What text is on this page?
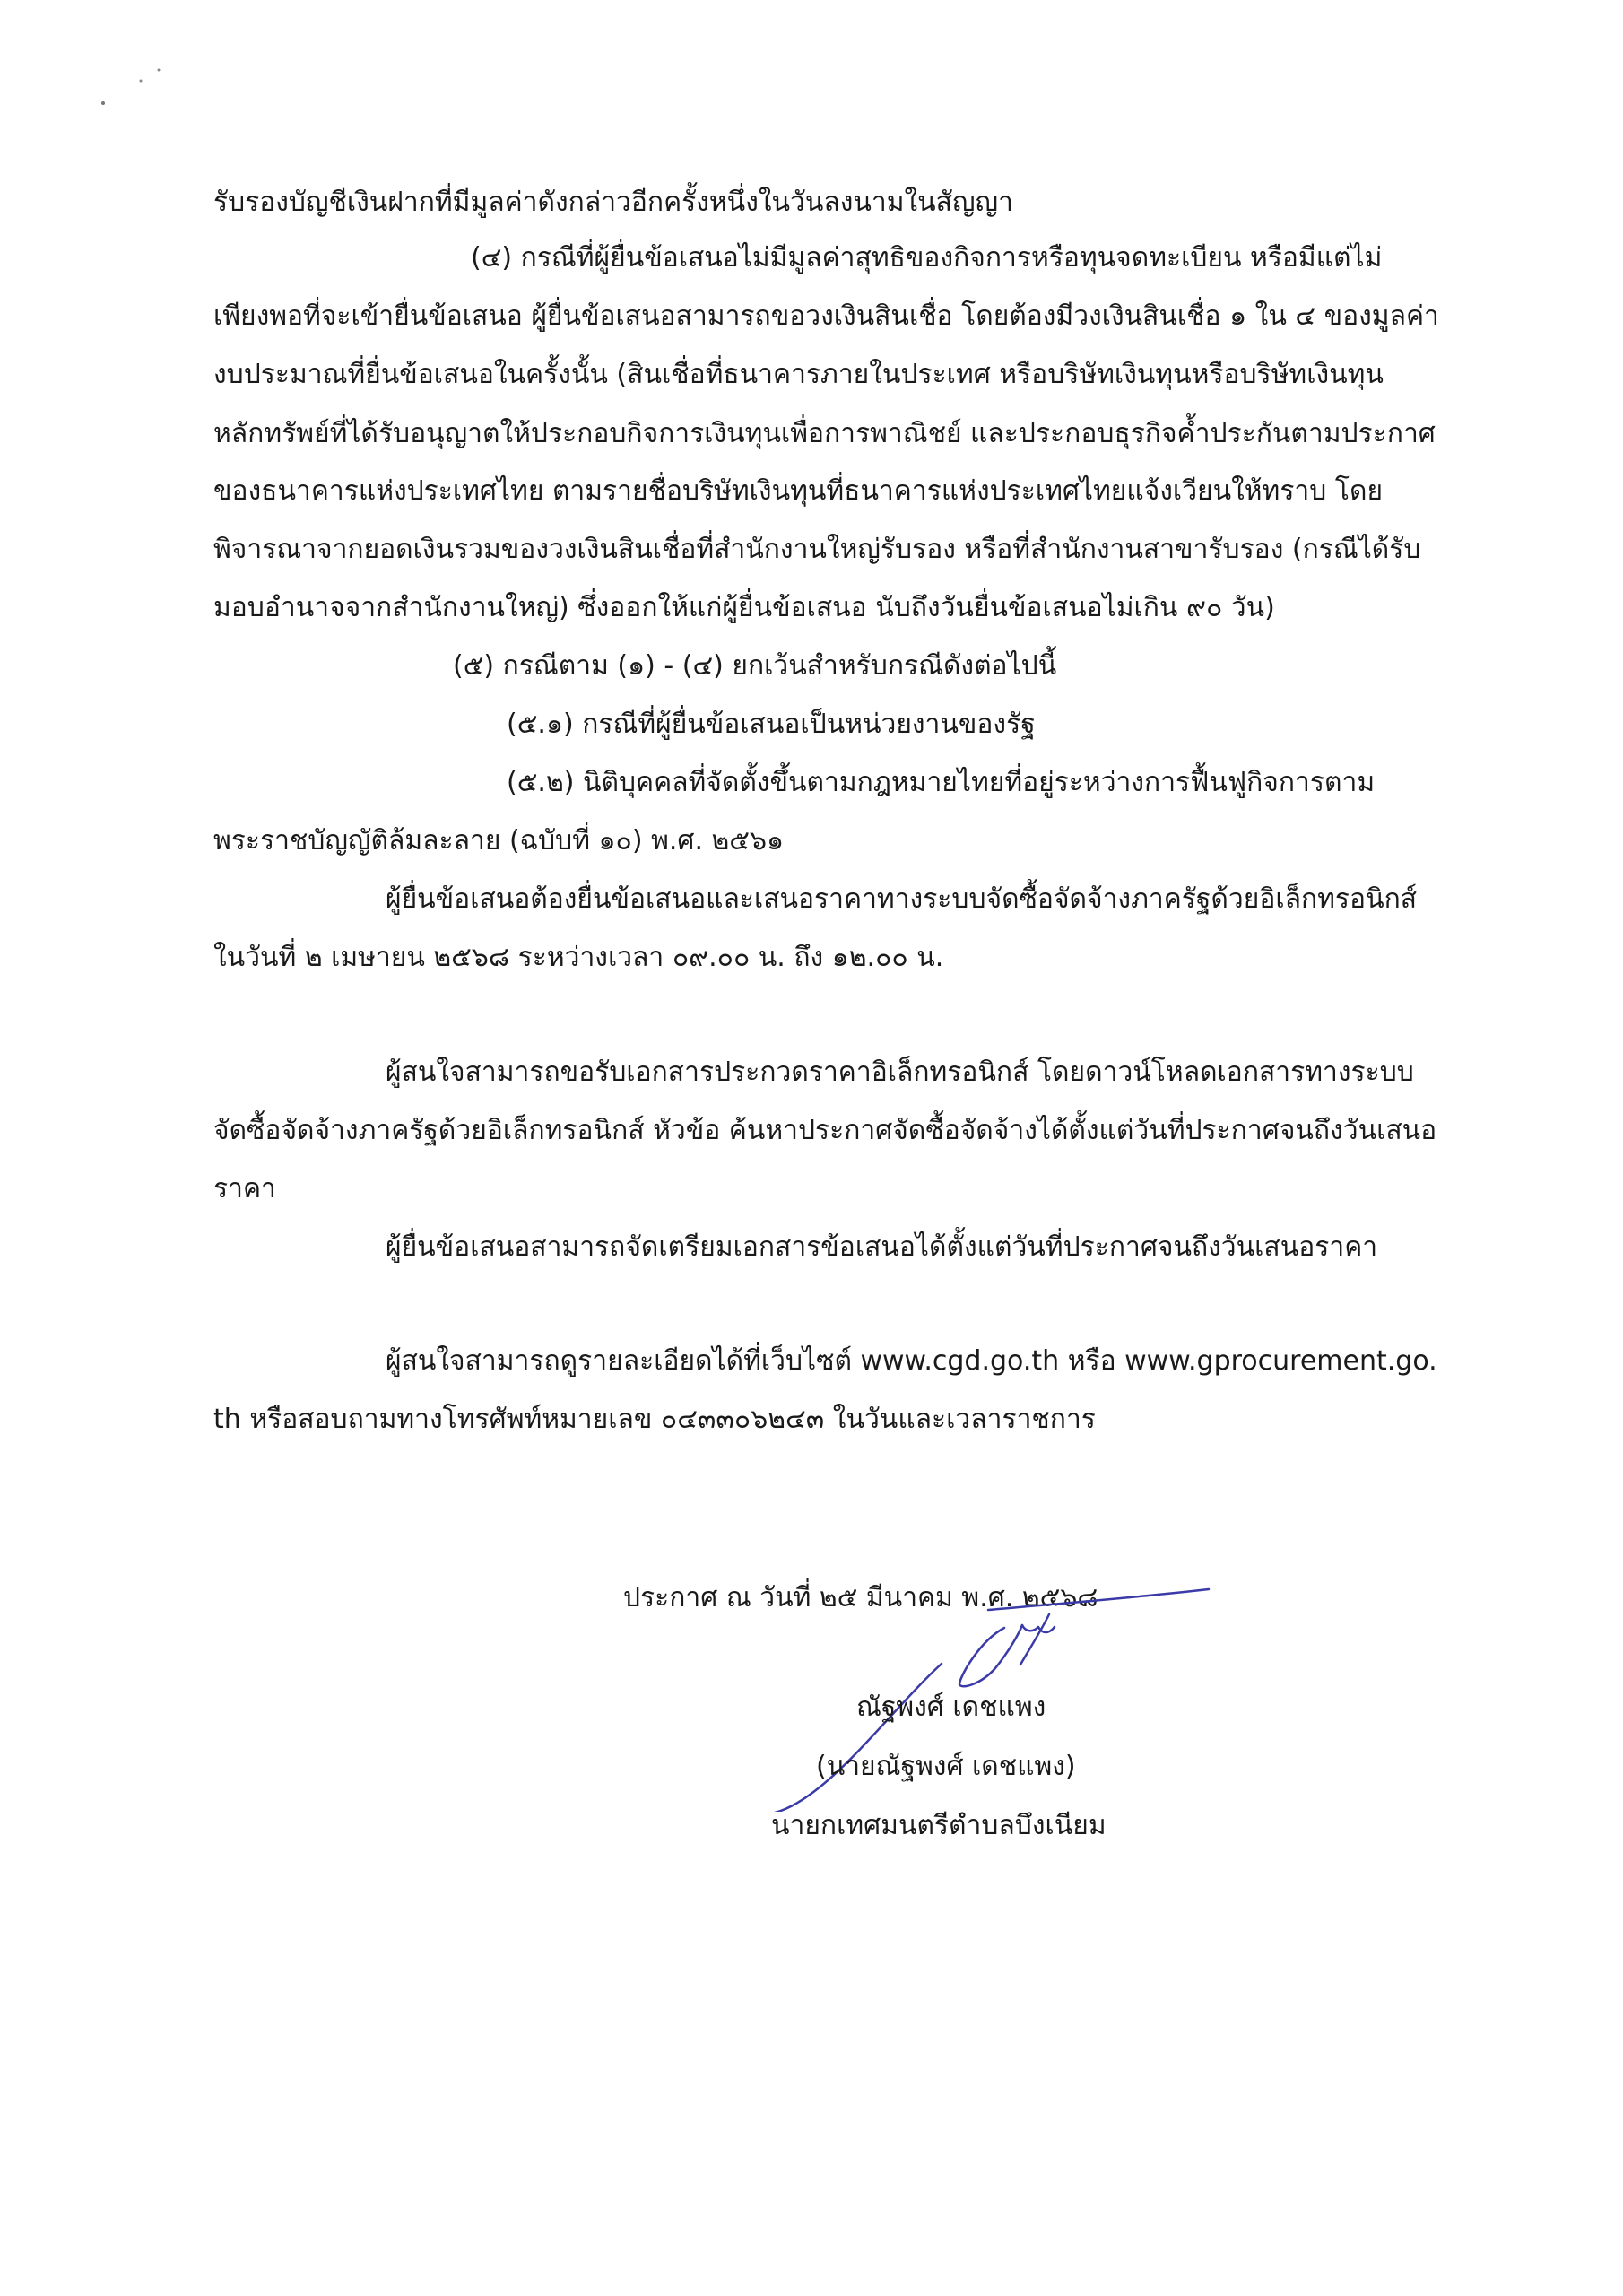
รับรองบัญชีเงินฝากที่มีมูลค่าดังกล่าวอีกครั้งหนึ่งในวันลงนามในสัญญา
(๔) กรณีที่ผู้ยื่นข้อเสนอไม่มีมูลค่าสุทธิของกิจการหรือทุนจดทะเบียน หรือมีแต่ไม่
เพียงพอที่จะเข้ายื่นข้อเสนอ ผู้ยื่นข้อเสนอสามารถขอวงเงินสินเชื่อ โดยต้องมีวงเงินสินเชื่อ ๑ ใน ๔ ของมูลค่า
งบประมาณที่ยื่นข้อเสนอในครั้งนั้น (สินเชื่อที่ธนาคารภายในประเทศ หรือบริษัทเงินทุนหรือบริษัทเงินทุน
หลักทรัพย์ที่ได้รับอนุญาตให้ประกอบกิจการเงินทุนเพื่อการพาณิชย์ และประกอบธุรกิจค้ำประกันตามประกาศ
ของธนาคารแห่งประเทศไทย ตามรายชื่อบริษัทเงินทุนที่ธนาคารแห่งประเทศไทยแจ้งเวียนให้ทราบ โดย
พิจารณาจากยอดเงินรวมของวงเงินสินเชื่อที่สำนักงานใหญ่รับรอง หรือที่สำนักงานสาขารับรอง (กรณีได้รับ
มอบอำนาจจากสำนักงานใหญ่) ซึ่งออกให้แก่ผู้ยื่นข้อเสนอ นับถึงวันยื่นข้อเสนอไม่เกิน ๙๐ วัน)
(๕) กรณีตาม (๑) - (๔) ยกเว้นสำหรับกรณีดังต่อไปนี้
(๕.๑) กรณีที่ผู้ยื่นข้อเสนอเป็นหน่วยงานของรัฐ
(๕.๒) นิติบุคคลที่จัดตั้งขึ้นตามกฎหมายไทยที่อยู่ระหว่างการฟื้นฟูกิจการตาม
พระราชบัญญัติล้มละลาย (ฉบับที่ ๑๐) พ.ศ. ๒๕๖๑
ผู้ยื่นข้อเสนอต้องยื่นข้อเสนอและเสนอราคาทางระบบจัดซื้อจัดจ้างภาครัฐด้วยอิเล็กทรอนิกส์
ในวันที่ ๒ เมษายน ๒๕๖๘ ระหว่างเวลา ๐๙.๐๐ น. ถึง ๑๒.๐๐ น.
ผู้สนใจสามารถขอรับเอกสารประกวดราคาอิเล็กทรอนิกส์ โดยดาวน์โหลดเอกสารทางระบบ
จัดซื้อจัดจ้างภาครัฐด้วยอิเล็กทรอนิกส์ หัวข้อ ค้นหาประกาศจัดซื้อจัดจ้างได้ตั้งแต่วันที่ประกาศจนถึงวันเสนอ
ราคา
ผู้ยื่นข้อเสนอสามารถจัดเตรียมเอกสารข้อเสนอได้ตั้งแต่วันที่ประกาศจนถึงวันเสนอราคา
ผู้สนใจสามารถดูรายละเอียดได้ที่เว็บไซต์ www.cgd.go.th หรือ www.gprocurement.go.
th หรือสอบถามทางโทรศัพท์หมายเลข ๐๔๓๓๐๖๒๔๓ ในวันและเวลาราชการ
ประกาศ ณ วันที่ ๒๕ มีนาคม พ.ศ. ๒๕๖๘
ณัฐพงศ์ เดชแพง
(นายณัฐพงศ์ เดชแพง)
นายกเทศมนตรีตำบลบึงเนียม
